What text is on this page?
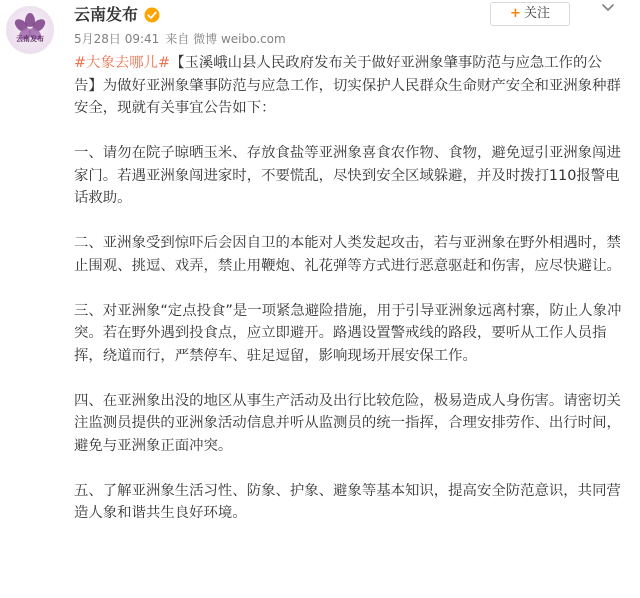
云南发布
云南发布
5月28日 09:41 来自 微博 weibo.com
+ 关注

#大象去哪儿#【玉溪峨山县人民政府发布关于做好亚洲象肇事防范与应急工作的公告】为做好亚洲象肇事防范与应急工作，切实保护人民群众生命财产安全和亚洲象种群安全，现就有关事宜公告如下：

一、请勿在院子晾晒玉米、存放食盐等亚洲象喜食农作物、食物，避免逗引亚洲象闯进家门。若遇亚洲象闯进家时，不要慌乱，尽快到安全区域躲避，并及时拨打110报警电话救助。

二、亚洲象受到惊吓后会因自卫的本能对人类发起攻击，若与亚洲象在野外相遇时，禁止围观、挑逗、戏弄，禁止用鞭炮、礼花弹等方式进行恶意驱赶和伤害，应尽快避让。

三、对亚洲象“定点投食”是一项紧急避险措施，用于引导亚洲象远离村寨，防止人象冲突。若在野外遇到投食点，应立即避开。路遇设置警戒线的路段，要听从工作人员指挥，绕道而行，严禁停车、驻足逗留，影响现场开展安保工作。

四、在亚洲象出没的地区从事生产活动及出行比较危险，极易造成人身伤害。请密切关注监测员提供的亚洲象活动信息并听从监测员的统一指挥，合理安排劳作、出行时间，避免与亚洲象正面冲突。

五、了解亚洲象生活习性、防象、护象、避象等基本知识，提高安全防范意识，共同营造人象和谐共生良好环境。
